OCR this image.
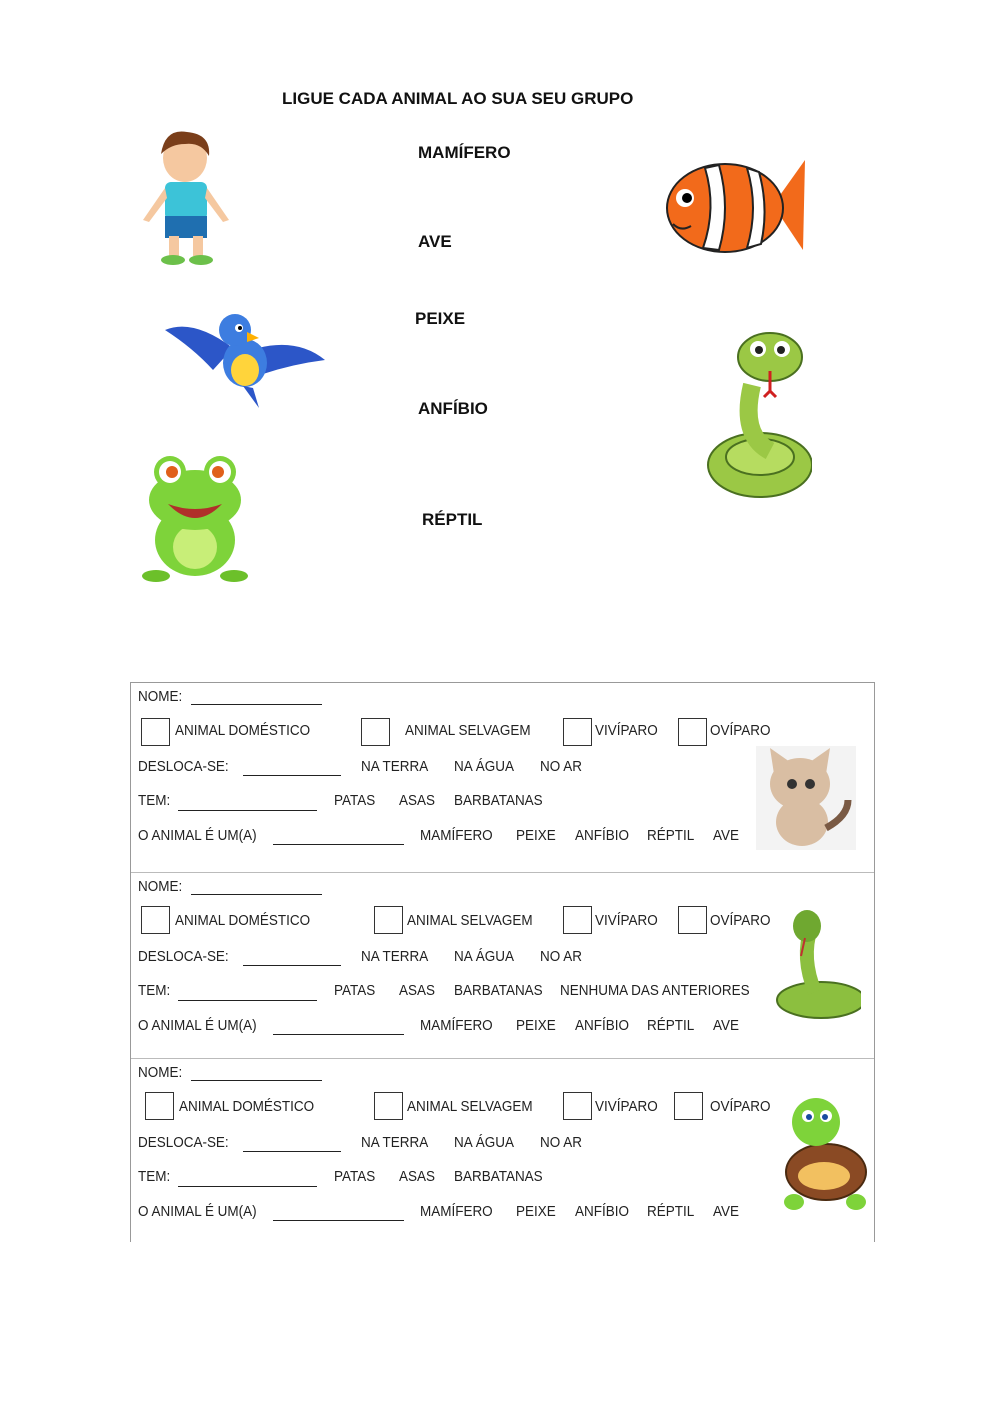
LIGUE CADA ANIMAL AO SUA SEU GRUPO
MAMÍFERO
AVE
PEIXE
ANFÍBIO
RÉPTIL
NOME:
ANIMAL DOMÉSTICO	ANIMAL SELVAGEM	VIVÍPARO	OVÍPARO
DESLOCA-SE:	NA TERRA NA ÁGUA NO AR
TEM:	PATAS ASAS BARBATANAS
O ANIMAL É UM(A)	MAMÍFERO PEIXE ANFÍBIO RÉPTIL AVE
NOME:
ANIMAL DOMÉSTICO	ANIMAL SELVAGEM	VIVÍPARO	OVÍPARO
DESLOCA-SE:	NA TERRA NA ÁGUA NO AR
TEM:	PATAS ASAS BARBATANAS NENHUMA DAS ANTERIORES
O ANIMAL É UM(A)	MAMÍFERO PEIXE ANFÍBIO RÉPTIL AVE
NOME:
ANIMAL DOMÉSTICO	ANIMAL SELVAGEM	VIVÍPARO	OVÍPARO
DESLOCA-SE:	NA TERRA NA ÁGUA NO AR
TEM:	PATAS ASAS BARBATANAS
O ANIMAL É UM(A)	MAMÍFERO PEIXE ANFÍBIO RÉPTIL AVE
